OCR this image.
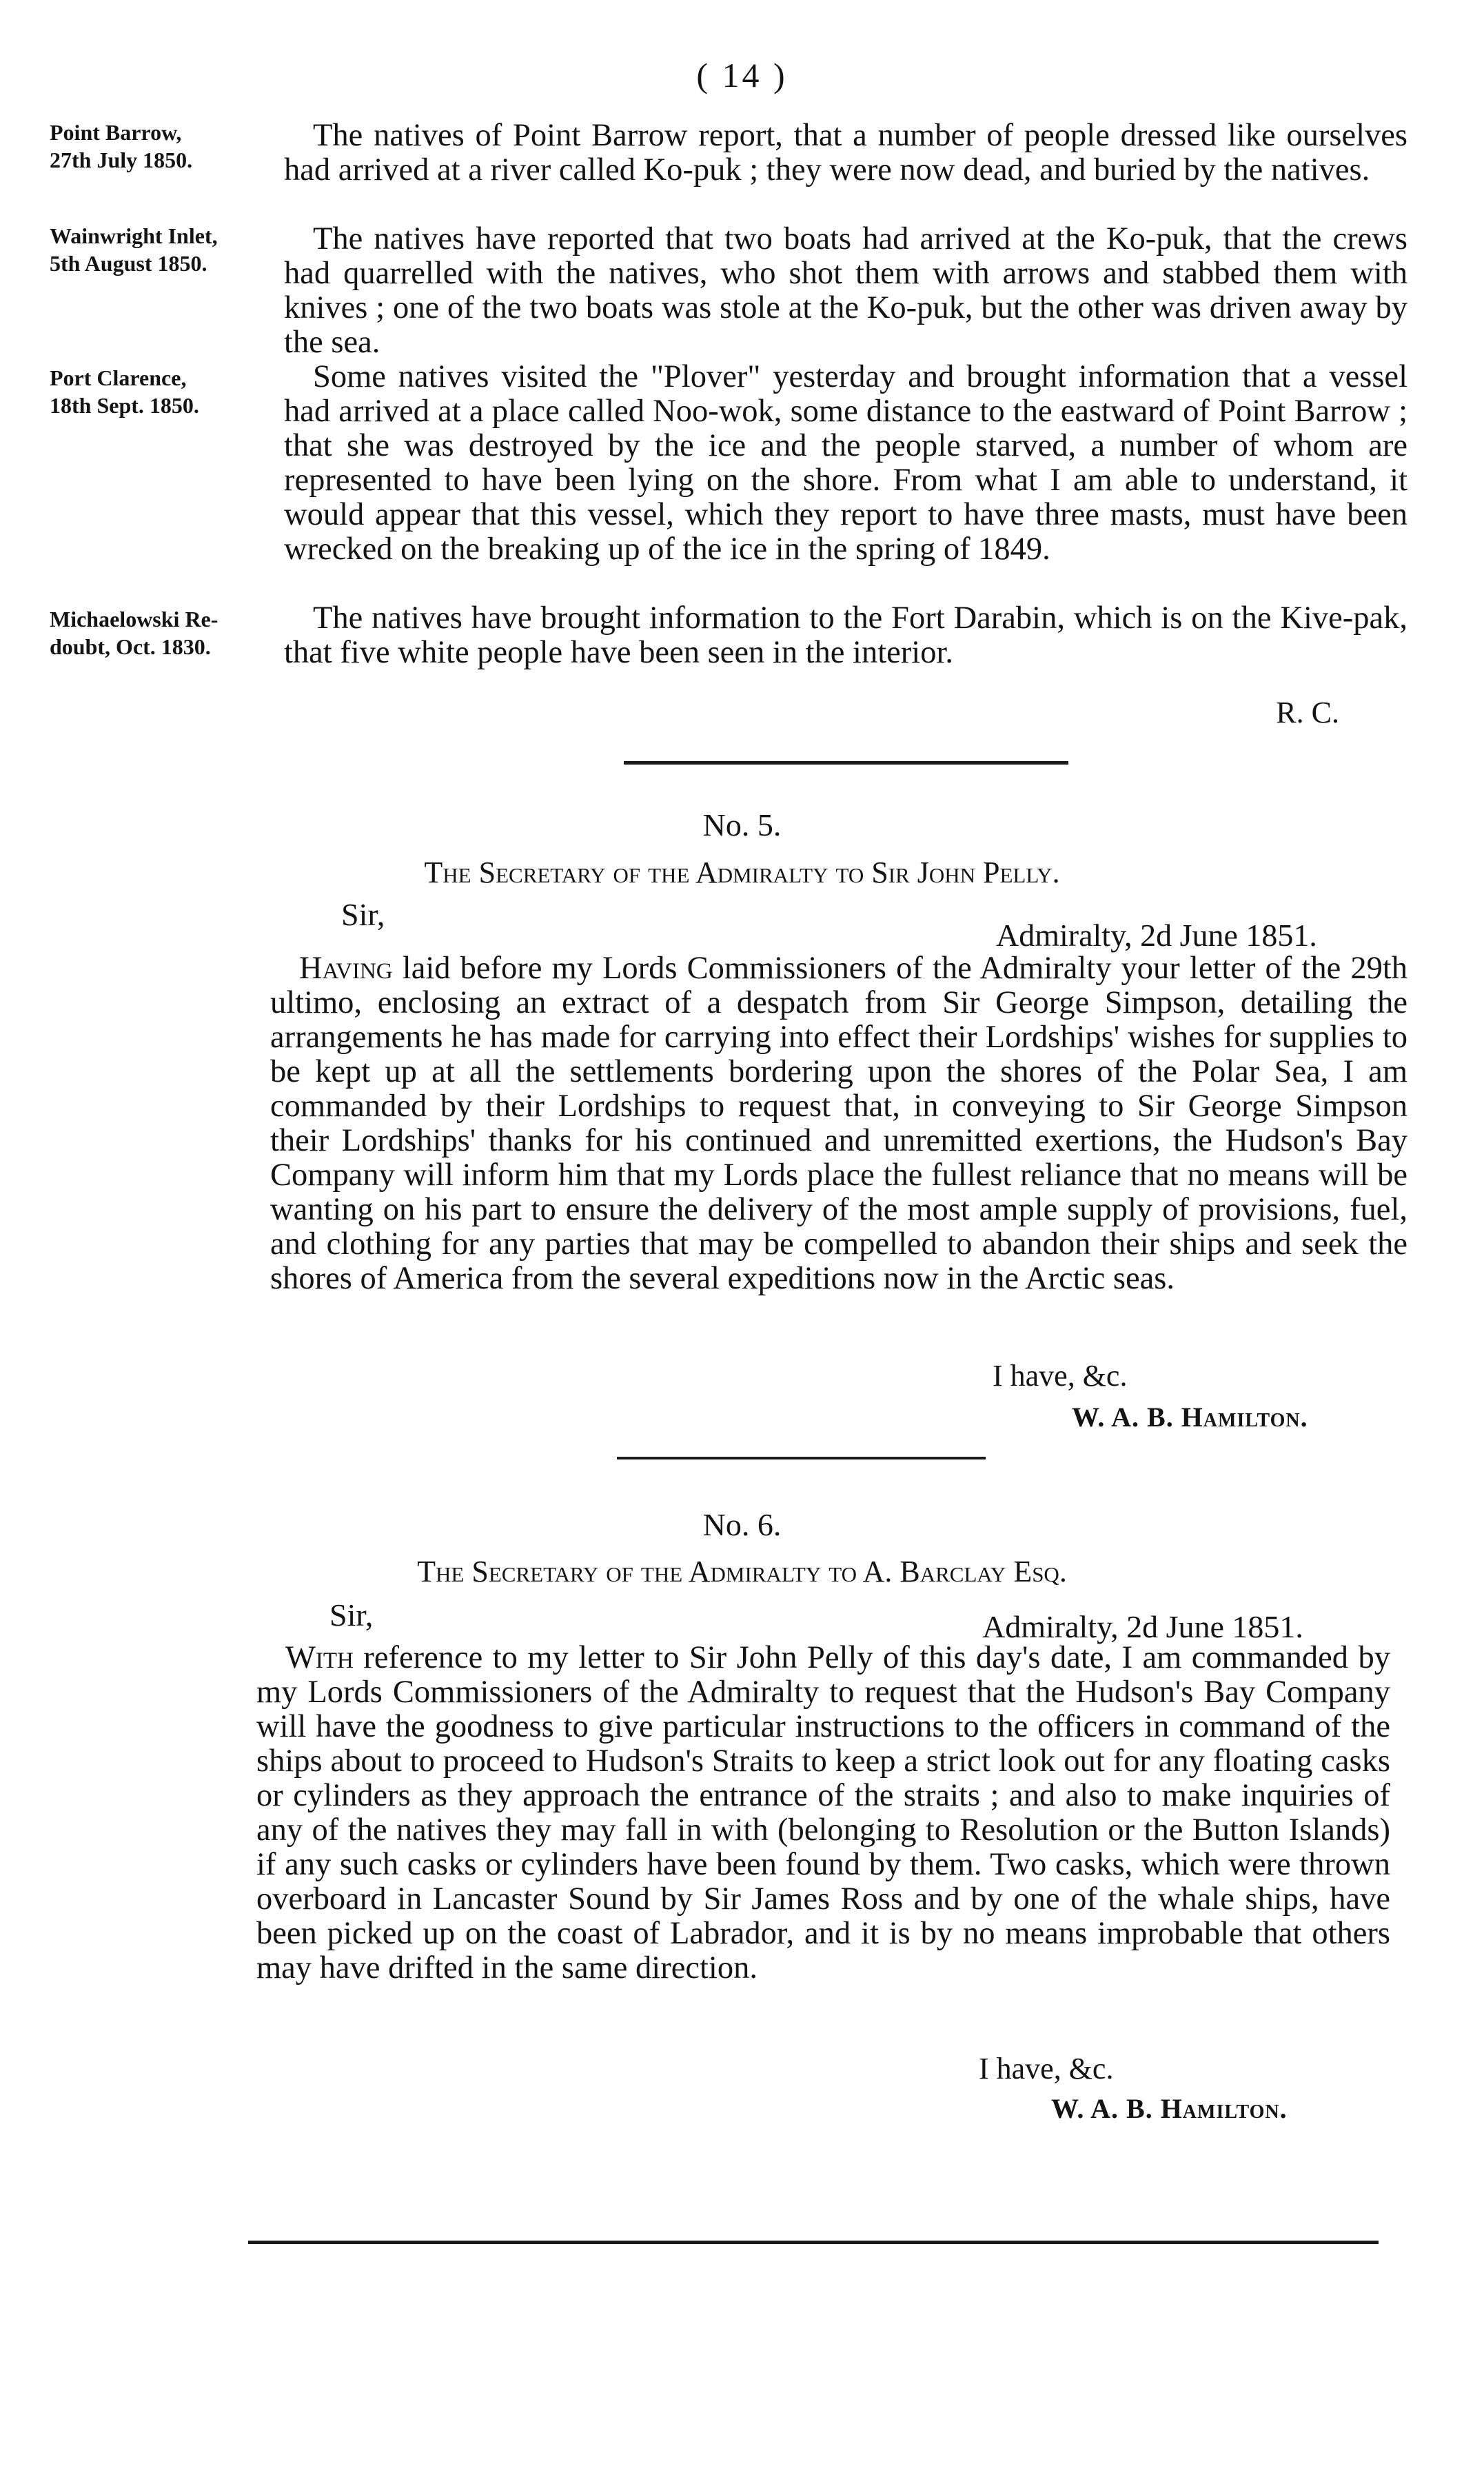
( 14 )
Point Barrow,
27th July 1850.
Wainwright Inlet,
5th August 1850.
Port Clarence,
18th Sept. 1850.
Michaelowski Re-
doubt, Oct. 1830.

The natives of Point Barrow report, that a number of people dressed like ourselves had arrived at a river called Ko-puk ; they were now dead, and buried by the natives.

The natives have reported that two boats had arrived at the Ko-puk, that the crews had quarrelled with the natives, who shot them with arrows and stabbed them with knives ; one of the two boats was stole at the Ko-puk, but the other was driven away by the sea.

Some natives visited the "Plover" yesterday and brought information that a vessel had arrived at a place called Noo-wok, some distance to the eastward of Point Barrow ; that she was destroyed by the ice and the people starved, a number of whom are represented to have been lying on the shore. From what I am able to understand, it would appear that this vessel, which they report to have three masts, must have been wrecked on the breaking up of the ice in the spring of 1849.

The natives have brought information to the Fort Darabin, which is on the Kive-pak, that five white people have been seen in the interior.

R. C.
No. 5.
The Secretary of the Admiralty to Sir John Pelly.
Sir,
Admiralty, 2d June 1851.

Having laid before my Lords Commissioners of the Admiralty your letter of the 29th ultimo, enclosing an extract of a despatch from Sir George Simpson, detailing the arrangements he has made for carrying into effect their Lordships' wishes for supplies to be kept up at all the settlements bordering upon the shores of the Polar Sea, I am commanded by their Lordships to request that, in conveying to Sir George Simpson their Lordships' thanks for his continued and unremitted exertions, the Hudson's Bay Company will inform him that my Lords place the fullest reliance that no means will be wanting on his part to ensure the delivery of the most ample supply of provisions, fuel, and clothing for any parties that may be compelled to abandon their ships and seek the shores of America from the several expeditions now in the Arctic seas.

I have, &c.
W. A. B. Hamilton.
No. 6.
The Secretary of the Admiralty to A. Barclay Esq.
Sir,	Admiralty, 2d June 1851.

With reference to my letter to Sir John Pelly of this day's date, I am commanded by my Lords Commissioners of the Admiralty to request that the Hudson's Bay Company will have the goodness to give particular instructions to the officers in command of the ships about to proceed to Hudson's Straits to keep a strict look out for any floating casks or cylinders as they approach the entrance of the straits ; and also to make inquiries of any of the natives they may fall in with (belonging to Resolution or the Button Islands) if any such casks or cylinders have been found by them. Two casks, which were thrown overboard in Lancaster Sound by Sir James Ross and by one of the whale ships, have been picked up on the coast of Labrador, and it is by no means improbable that others may have drifted in the same direction.

I have, &c.
W. A. B. Hamilton.
